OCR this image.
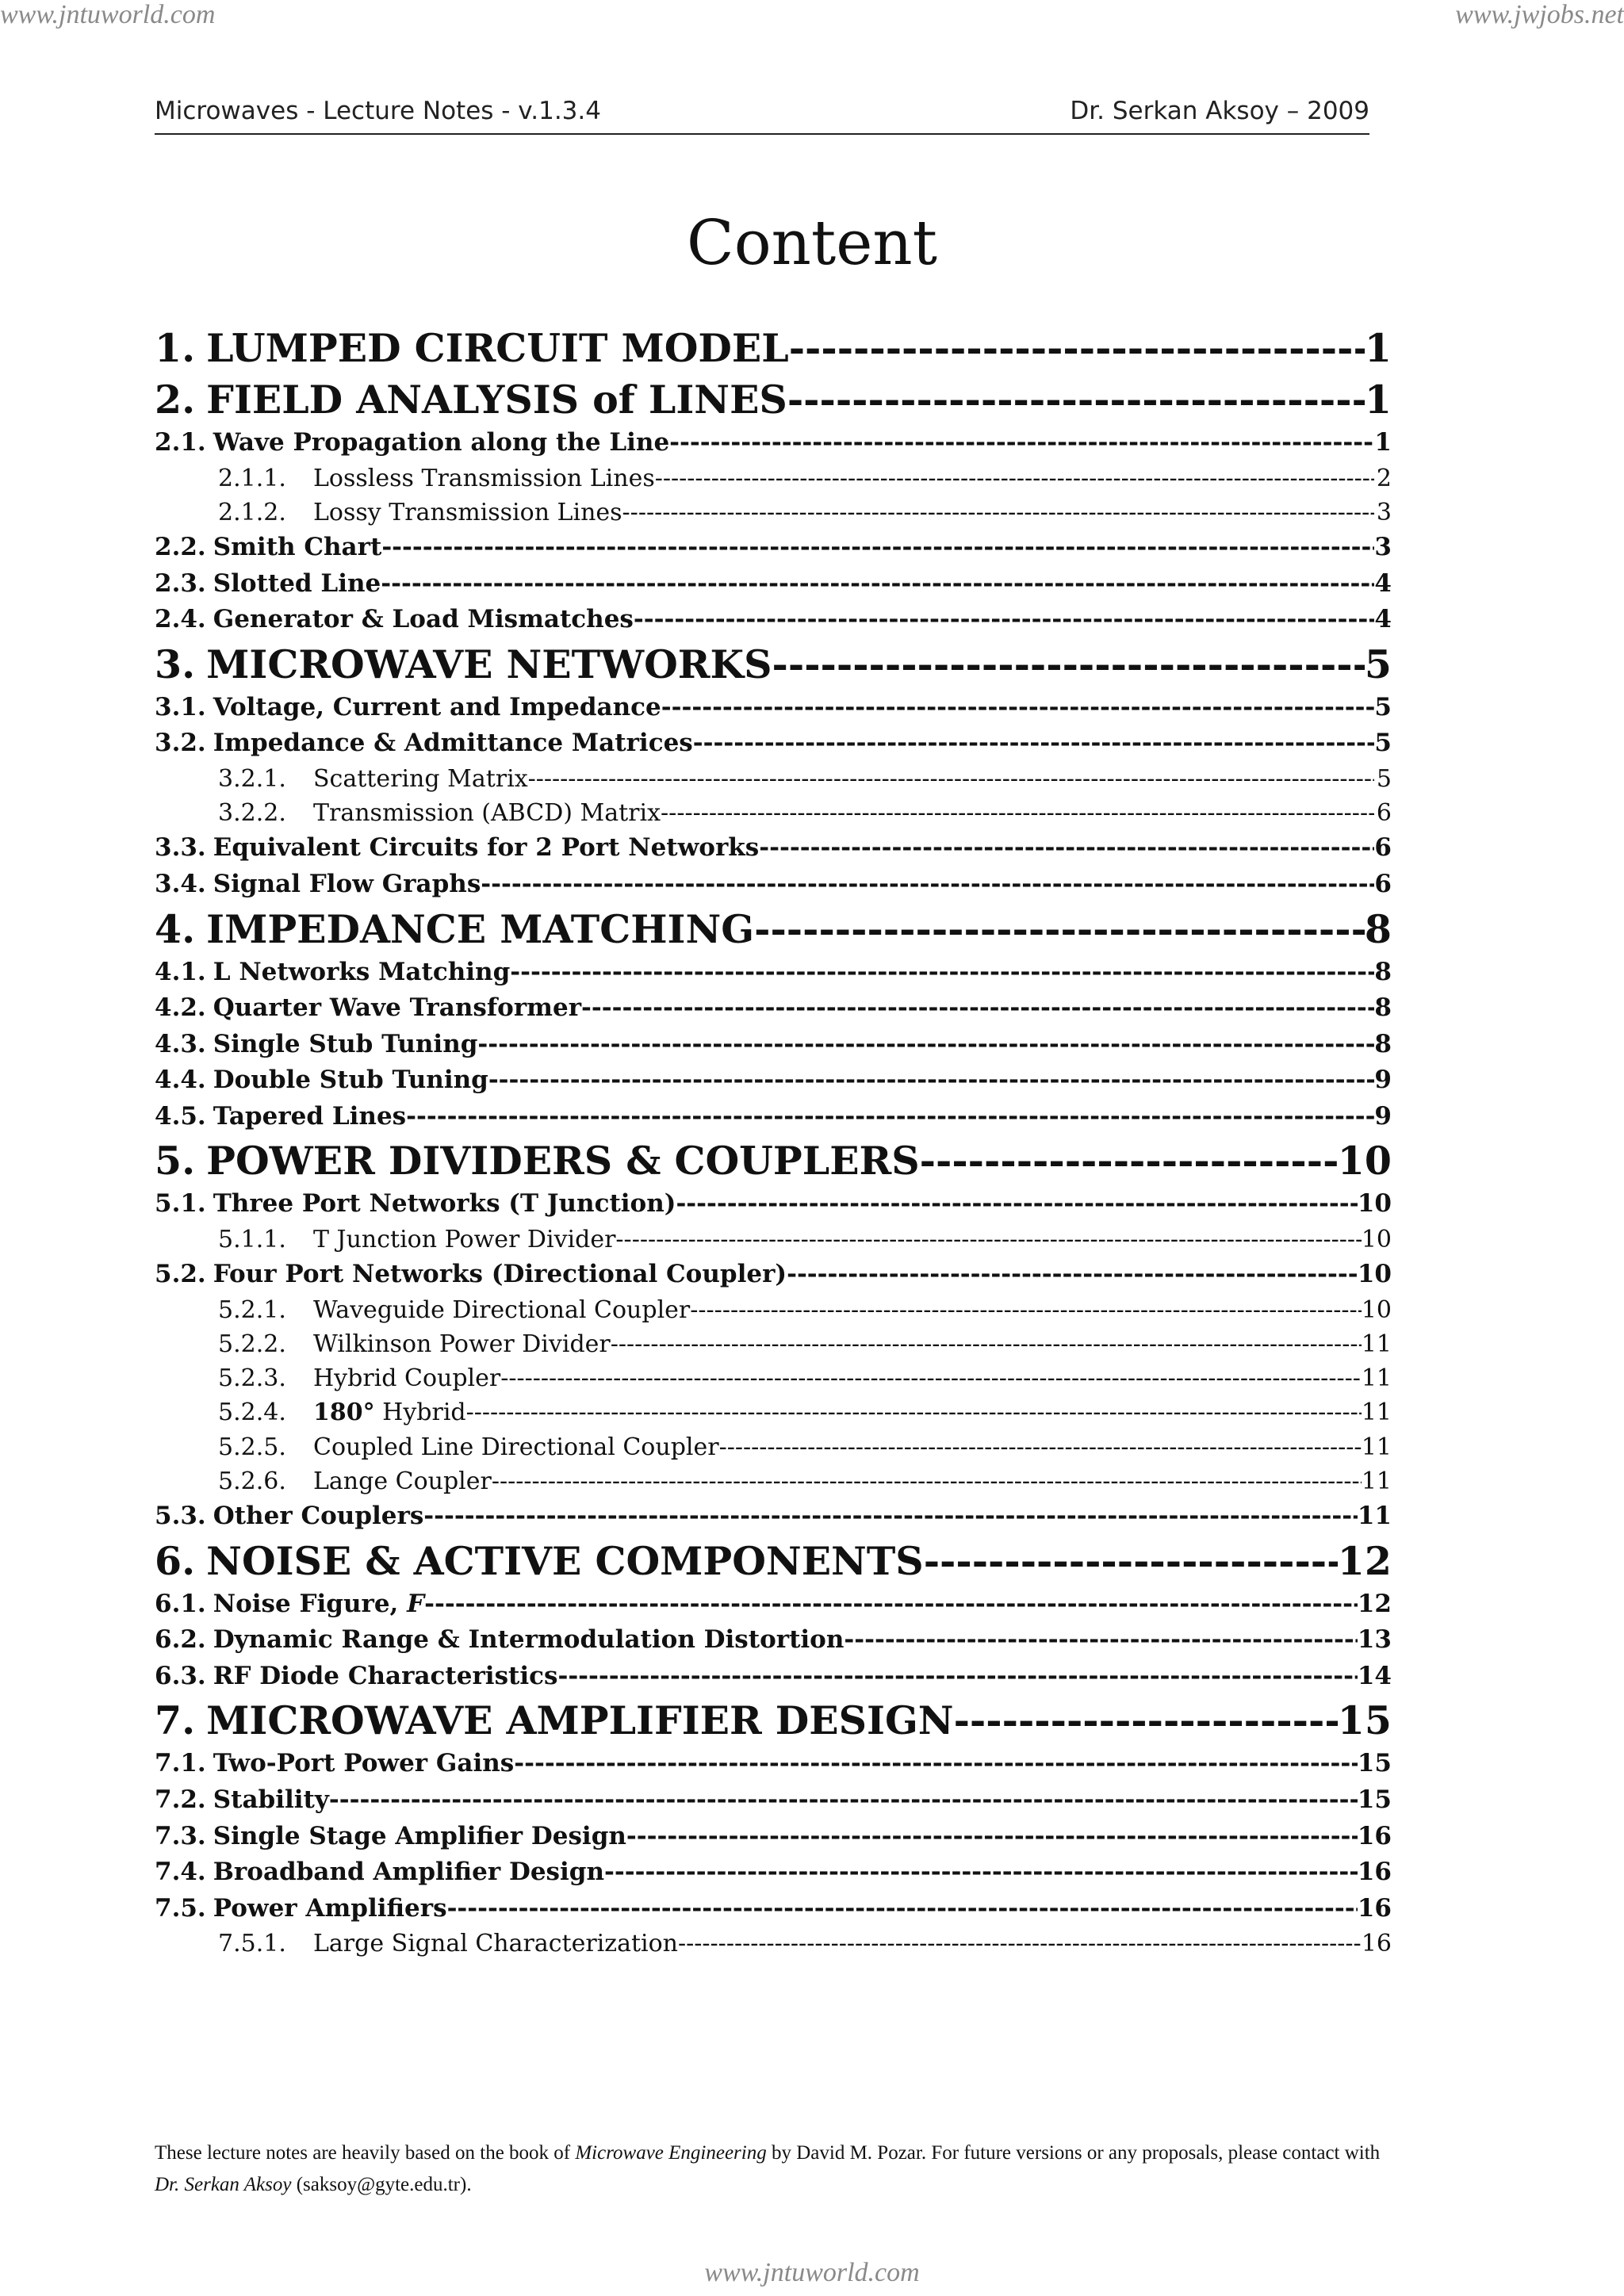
www.jntuworld.com	www.jwjobs.net
Microwaves - Lecture Notes - v.1.3.4	Dr. Serkan Aksoy – 2009
Content
1. LUMPED CIRCUIT MODEL -----	1
2. FIELD ANALYSIS of LINES -----	1
2.1. Wave Propagation along the Line -----	1
2.1.1.	Lossless Transmission Lines -----	2
2.1.2.	Lossy Transmission Lines -----	3
2.2. Smith Chart -----	3
2.3. Slotted Line -----	4
2.4. Generator & Load Mismatches -----	4
3. MICROWAVE NETWORKS -----	5
3.1. Voltage, Current and Impedance -----	5
3.2. Impedance & Admittance Matrices -----	5
3.2.1.	Scattering Matrix -----	5
3.2.2.	Transmission (ABCD) Matrix -----	6
3.3. Equivalent Circuits for 2 Port Networks -----	6
3.4. Signal Flow Graphs -----	6
4. IMPEDANCE MATCHING -----	8
4.1. L Networks Matching -----	8
4.2. Quarter Wave Transformer -----	8
4.3. Single Stub Tuning -----	8
4.4. Double Stub Tuning -----	9
4.5. Tapered Lines -----	9
5. POWER DIVIDERS & COUPLERS -----	10
5.1. Three Port Networks (T Junction) -----	10
5.1.1.	T Junction Power Divider -----	10
5.2. Four Port Networks (Directional Coupler) -----	10
5.2.1.	Waveguide Directional Coupler -----	10
5.2.2.	Wilkinson Power Divider -----	11
5.2.3.	Hybrid Coupler -----	11
5.2.4.	180° Hybrid -----	11
5.2.5.	Coupled Line Directional Coupler -----	11
5.2.6.	Lange Coupler -----	11
5.3. Other Couplers -----	11
6. NOISE & ACTIVE COMPONENTS -----	12
6.1. Noise Figure, F -----	12
6.2. Dynamic Range & Intermodulation Distortion -----	13
6.3. RF Diode Characteristics -----	14
7. MICROWAVE AMPLIFIER DESIGN -----	15
7.1. Two-Port Power Gains -----	15
7.2. Stability -----	15
7.3. Single Stage Amplifier Design -----	16
7.4. Broadband Amplifier Design -----	16
7.5. Power Amplifiers -----	16
7.5.1.	Large Signal Characterization -----	16
These lecture notes are heavily based on the book of Microwave Engineering by David M. Pozar. For future versions or any proposals, please contact with
Dr. Serkan Aksoy (saksoy@gyte.edu.tr).
www.jntuworld.com
